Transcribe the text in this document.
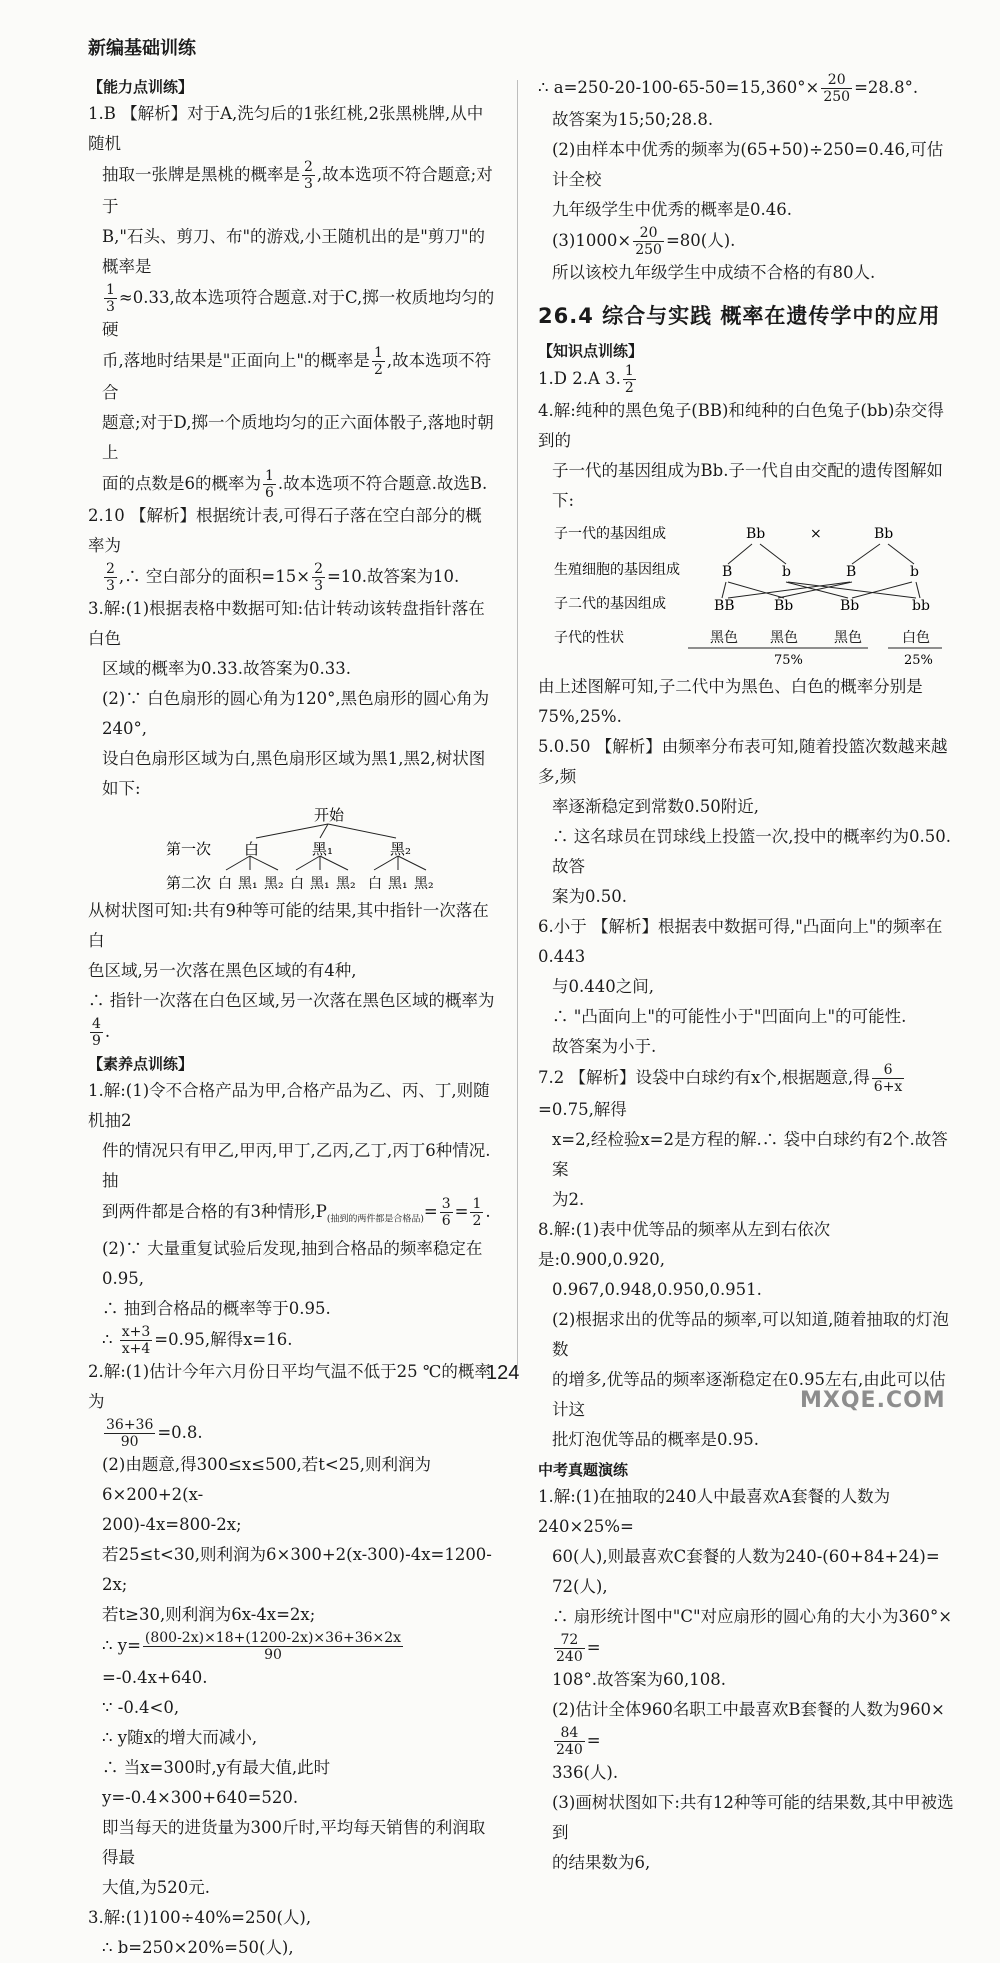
新编基础训练
【能力点训练】

1.B 【解析】对于A,洗匀后的1张红桃,2张黑桃牌,从中随机

抽取一张牌是黑桃的概率是 $\frac{2}{3}$ ,故本选项不符合题意;对于

B,"石头、剪刀、布"的游戏,小王随机出的是"剪刀"的概率是

$\frac{1}{3} \approx 0.33$,故本选项符合题意.对于C,掷一枚质地均匀的硬

币,落地时结果是"正面向上"的概率是 $\frac{1}{2}$ ,故本选项不符合

题意;对于D,掷一个质地均匀的正六面体骰子,落地时朝上

面的点数是6的概率为 $\frac{1}{6}$ .故本选项不符合题意.故选B.

2.10 【解析】根据统计表,可得石子落在空白部分的概率为

$\frac{2}{3}$ ,∴ 空白部分的面积$=15\times \frac{2}{3} =10$.故答案为10.

3.解:(1)根据表格中数据可知:估计转动该转盘指针落在白色

区域的概率为0.33.故答案为0.33.

(2)∵ 白色扇形的圆心角为120°,黑色扇形的圆心角为240°,

设白色扇形区域为白,黑色扇形区域为黑1,黑2,树状图

如下:

开始
第一次
第二次
白	黑₁	黑₂
白 黑₁ 黑₂ 白 黑₁ 黑₂ 白 黑₁ 黑₂

从树状图可知:共有9种等可能的结果,其中指针一次落在白

色区域,另一次落在黑色区域的有4种,

∴ 指针一次落在白色区域,另一次落在黑色区域的概率为
$\frac{4}{9}$ .

【素养点训练】

1.解:(1)令不合格产品为甲,合格产品为乙、丙、丁,则随机抽2

件的情况只有甲乙,甲丙,甲丁,乙丙,乙丁,丙丁6种情况.抽

到两件都是合格的有3种情形$,P_{(抽到的两件都是合格品)}= \frac{3}{6} = \frac{1}{2}$ .

(2)∵ 大量重复试验后发现,抽到合格品的频率稳定在0.95,

∴ 抽到合格品的概率等于0.95.

∴ $\frac{x+3}{x+4} =0.95$,解得x=16.

2.解:(1)估计今年六月份日平均气温不低于25 ℃的概率为

$\frac{36+36}{90} =0.8$.

(2)由题意,得300≤x≤500,若t<25,则利润为6×200+2(x-

200)-4x=800-2x;

若25≤t<30,则利润为6×300+2(x-300)-4x=1200-2x;

若t≥30,则利润为6x-4x=2x;

∴ $y= \frac{(800-2x)\times 18+(1200-2x)\times 36+36\times 2x}{90}$
=-0.4x+640.

∵ -0.4<0,

∴ y随x的增大而减小,

∴ 当x=300时,y有最大值,此时y=-0.4×300+640=520.

即当每天的进货量为300斤时,平均每天销售的利润取得最

大值,为520元.

3.解:(1)100÷40%=250(人),

∴ b=250×20%=50(人),

∴ $a=250-20-100-65-50=15,360^\circ\times \frac{20}{250} =28.8^\circ$.

故答案为15;50;28.8.

(2)由样本中优秀的频率为(65+50)÷250=0.46,可估计全校

九年级学生中优秀的概率是0.46.

$(3)1000\times \frac{20}{250} =80$(人).

所以该校九年级学生中成绩不合格的有80人.

26.4 综合与实践 概率在遗传学中的应用
【知识点训练】

1.D 2.A 3. $\frac{1}{2}$

4.解:纯种的黑色兔子(BB)和纯种的白色兔子(bb)杂交得到的

子一代的基因组成为Bb.子一代自由交配的遗传图解如下:

子一代的基因组成
生殖细胞的基因组成
子二代的基因组成
子代的性状
Bb	×	Bb
B	b	B	b
BB	Bb	Bb	bb
黑色 黑色	黑色	白色
75%	25%

由上述图解可知,子二代中为黑色、白色的概率分别是

75%,25%.

5.0.50 【解析】由频率分布表可知,随着投篮次数越来越多,频

率逐渐稳定到常数0.50附近,

∴ 这名球员在罚球线上投篮一次,投中的概率约为0.50.故答

案为0.50.

6.小于 【解析】根据表中数据可得,"凸面向上"的频率在0.443

与0.440之间,

∴ "凸面向上"的可能性小于"凹面向上"的可能性.

故答案为小于.

7.2 【解析】设袋中白球约有x个,根据题意,得 $\frac{6}{6+x}$
=0.75,解得

x=2,经检验x=2是方程的解.∴ 袋中白球约有2个.故答案

为2.

8.解:(1)表中优等品的频率从左到右依次是:0.900,0.920,

0.967,0.948,0.950,0.951.

(2)根据求出的优等品的频率,可以知道,随着抽取的灯泡数

的增多,优等品的频率逐渐稳定在0.95左右,由此可以估计这

批灯泡优等品的概率是0.95.

中考真题演练

1.解:(1)在抽取的240人中最喜欢A套餐的人数为240×25%=

60(人),则最喜欢C套餐的人数为240-(60+84+24)=

72(人),

∴ 扇形统计图中"C"对应扇形的圆心角的大小为360°×
$\frac{72}{240}$ =

108°.故答案为60,108.

(2)估计全体960名职工中最喜欢B套餐的人数为960×
$\frac{84}{240}$ =

336(人).

(3)画树状图如下:共有12种等可能的结果数,其中甲被选到

的结果数为6,

124
MXQE.COM
